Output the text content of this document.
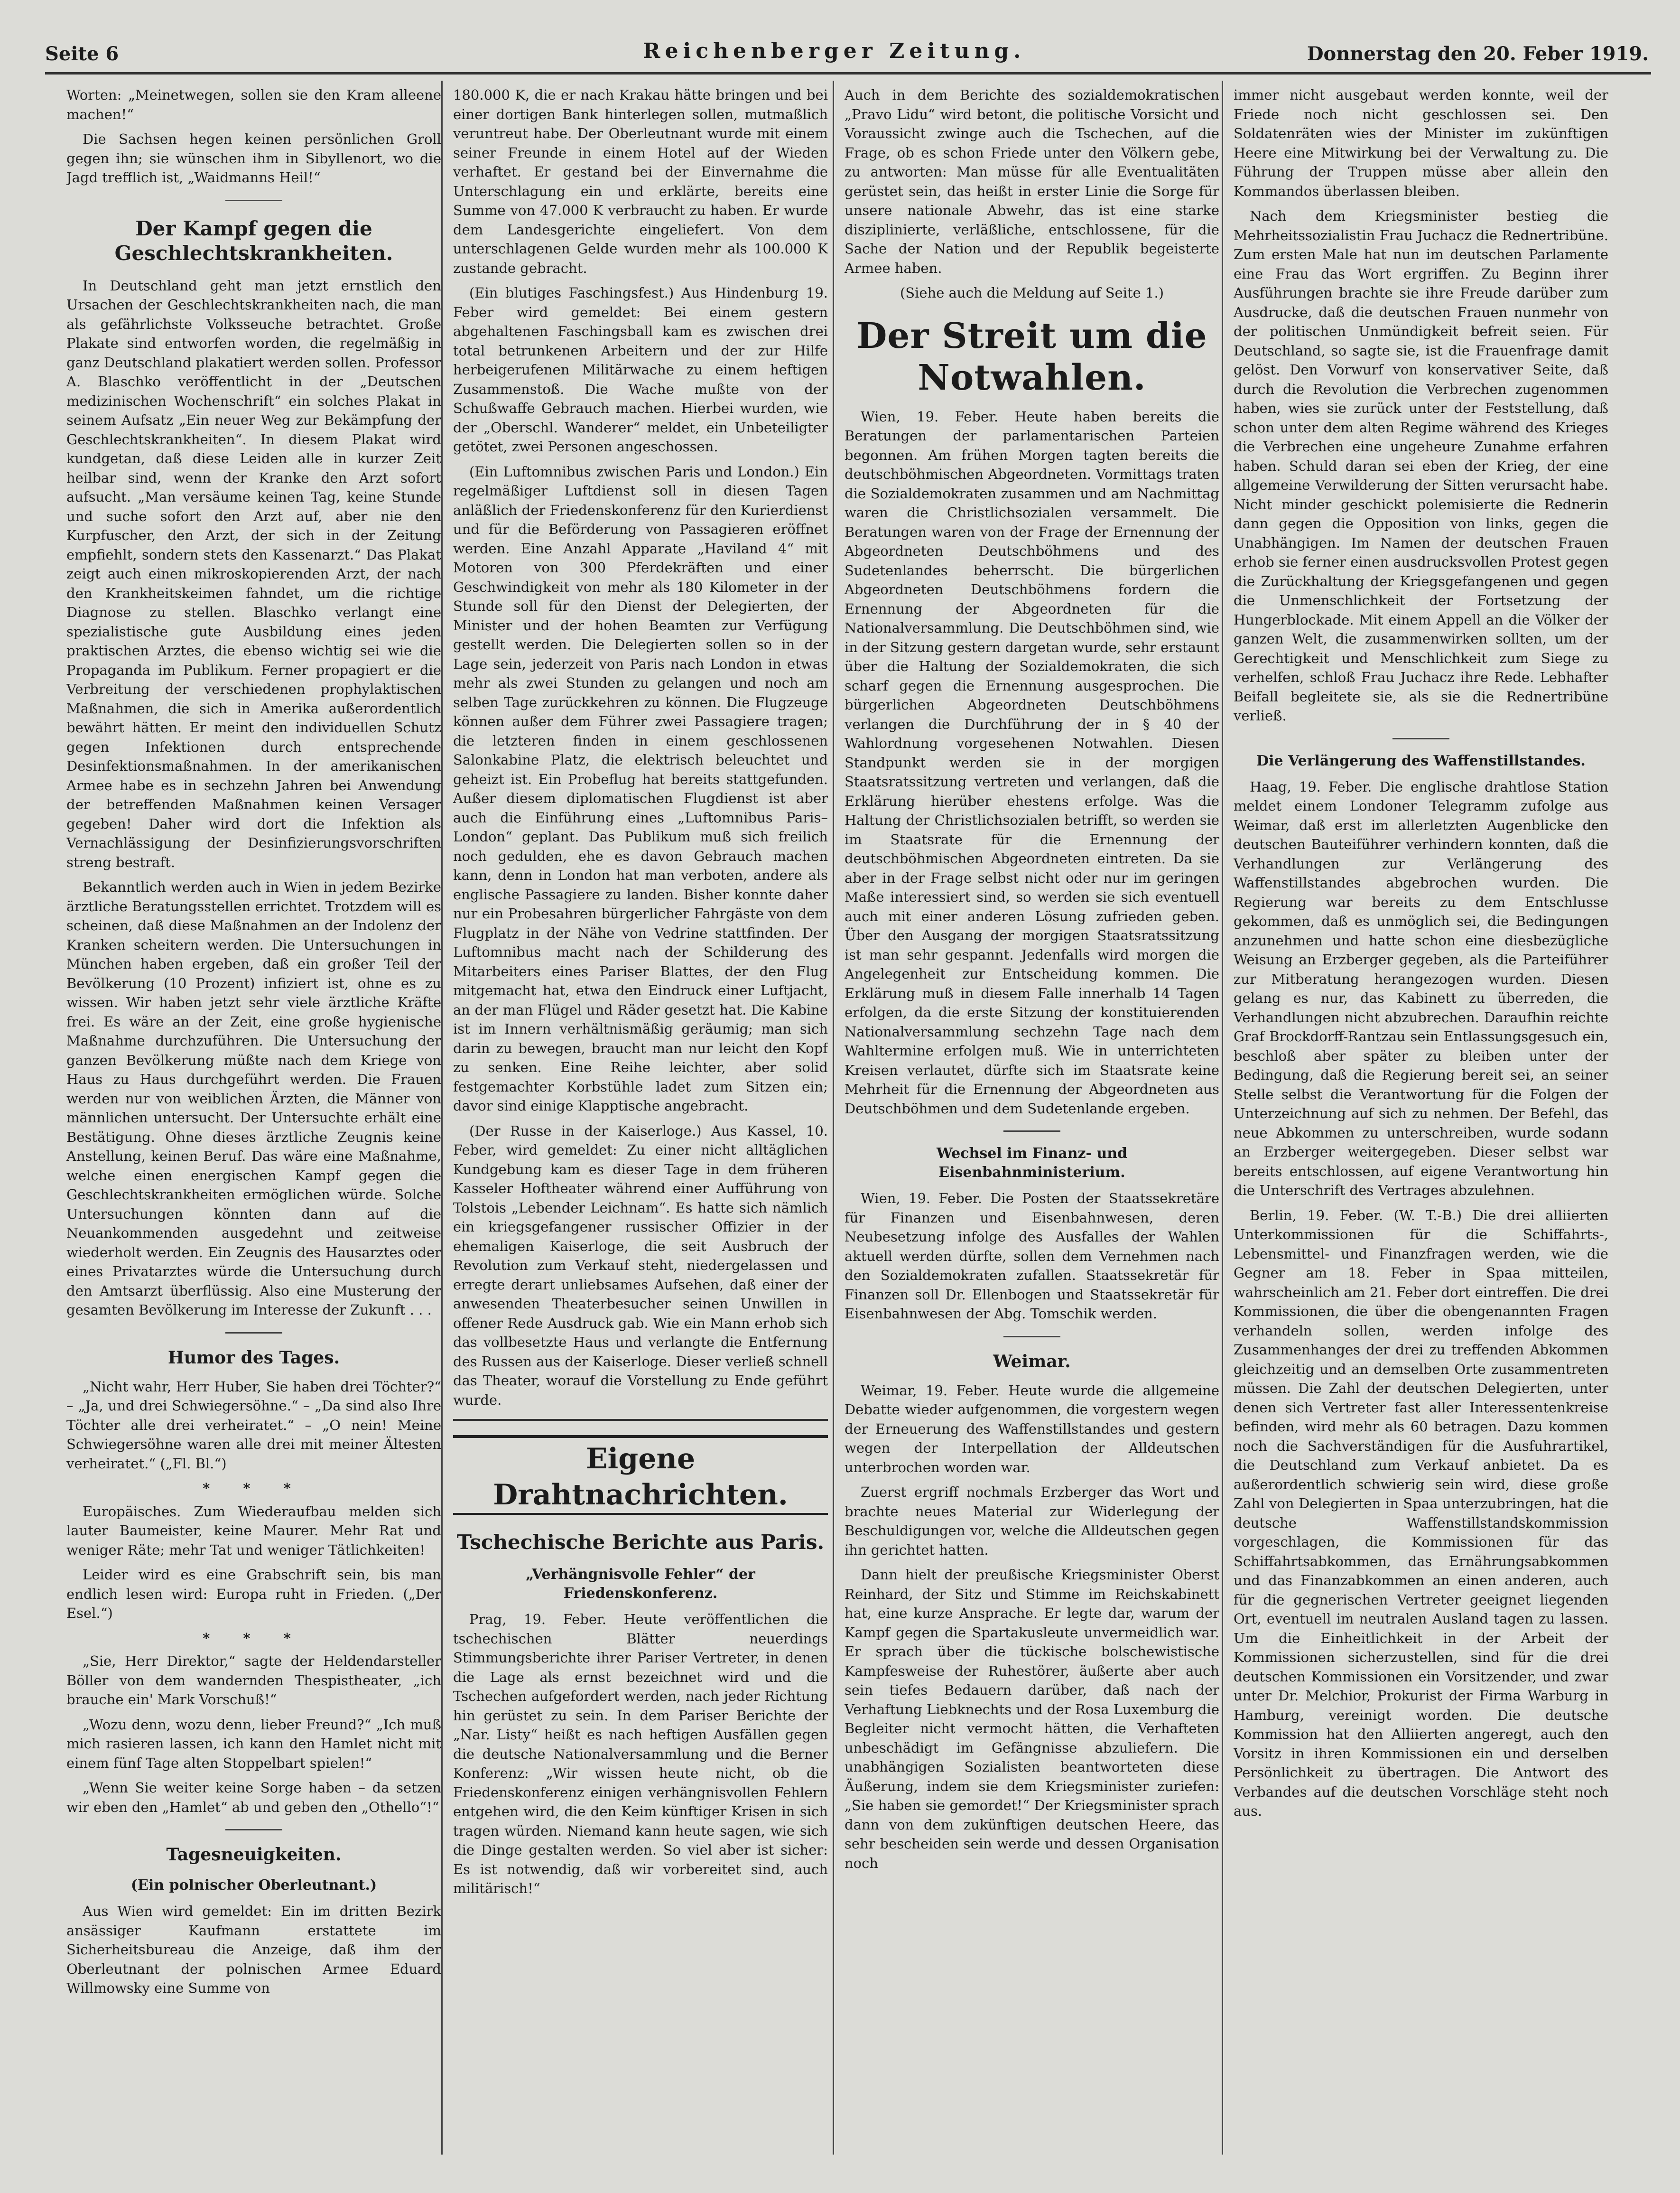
Seite 6	Reichenberger Zeitung.	Donnerstag den 20. Feber 1919.

Worten: „Meinetwegen, sollen sie den Kram alleene machen!“

Die Sachsen hegen keinen persönlichen Groll gegen ihn; sie wünschen ihm in Sibyllenort, wo die Jagd trefflich ist, „Waidmanns Heil!“

Der Kampf gegen die Geschlechtskrankheiten.

In Deutschland geht man jetzt ernstlich den Ursachen der Geschlechtskrankheiten nach, die man als gefährlichste Volksseuche betrachtet. Große Plakate sind entworfen worden, die regelmäßig in ganz Deutschland plakatiert werden sollen. Professor A. Blaschko veröffentlicht in der „Deutschen medizinischen Wochenschrift“ ein solches Plakat in seinem Aufsatz „Ein neuer Weg zur Bekämpfung der Geschlechtskrankheiten“. In diesem Plakat wird kundgetan, daß diese Leiden alle in kurzer Zeit heilbar sind, wenn der Kranke den Arzt sofort aufsucht. „Man versäume keinen Tag, keine Stunde und suche sofort den Arzt auf, aber nie den Kurpfuscher, den Arzt, der sich in der Zeitung empfiehlt, sondern stets den Kassenarzt.“ Das Plakat zeigt auch einen mikroskopierenden Arzt, der nach den Krankheitskeimen fahndet, um die richtige Diagnose zu stellen. Blaschko verlangt eine spezialistische gute Ausbildung eines jeden praktischen Arztes, die ebenso wichtig sei wie die Propaganda im Publikum. Ferner propagiert er die Verbreitung der verschiedenen prophylaktischen Maßnahmen, die sich in Amerika außerordentlich bewährt hätten. Er meint den individuellen Schutz gegen Infektionen durch entsprechende Desinfektionsmaßnahmen. In der amerikanischen Armee habe es in sechzehn Jahren bei Anwendung der betreffenden Maßnahmen keinen Versager gegeben! Daher wird dort die Infektion als Vernachlässigung der Desinfizierungsvorschriften streng bestraft.

Bekanntlich werden auch in Wien in jedem Bezirke ärztliche Beratungsstellen errichtet. Trotzdem will es scheinen, daß diese Maßnahmen an der Indolenz der Kranken scheitern werden. Die Untersuchungen in München haben ergeben, daß ein großer Teil der Bevölkerung (10 Prozent) infiziert ist, ohne es zu wissen. Wir haben jetzt sehr viele ärztliche Kräfte frei. Es wäre an der Zeit, eine große hygienische Maßnahme durchzuführen. Die Untersuchung der ganzen Bevölkerung müßte nach dem Kriege von Haus zu Haus durchgeführt werden. Die Frauen werden nur von weiblichen Ärzten, die Männer von männlichen untersucht. Der Untersuchte erhält eine Bestätigung. Ohne dieses ärztliche Zeugnis keine Anstellung, keinen Beruf. Das wäre eine Maßnahme, welche einen energischen Kampf gegen die Geschlechtskrankheiten ermöglichen würde. Solche Untersuchungen könnten dann auf die Neuankommenden ausgedehnt und zeitweise wiederholt werden. Ein Zeugnis des Hausarztes oder eines Privatarztes würde die Untersuchung durch den Amtsarzt überflüssig. Also eine Musterung der gesamten Bevölkerung im Interesse der Zukunft . . .

Humor des Tages.

„Nicht wahr, Herr Huber, Sie haben drei Töchter?“ – „Ja, und drei Schwiegersöhne.“ – „Da sind also Ihre Töchter alle drei verheiratet.“ – „O nein! Meine Schwiegersöhne waren alle drei mit meiner Ältesten verheiratet.“ („Fl. Bl.“)

* * *

Europäisches. Zum Wiederaufbau melden sich lauter Baumeister, keine Maurer. Mehr Rat und weniger Räte; mehr Tat und weniger Tätlichkeiten!

Leider wird es eine Grabschrift sein, bis man endlich lesen wird: Europa ruht in Frieden. („Der Esel.“)

* * *

„Sie, Herr Direktor,“ sagte der Heldendarsteller Böller von dem wandernden Thespistheater, „ich brauche ein' Mark Vorschuß!“

„Wozu denn, wozu denn, lieber Freund?“ „Ich muß mich rasieren lassen, ich kann den Hamlet nicht mit einem fünf Tage alten Stoppelbart spielen!“

„Wenn Sie weiter keine Sorge haben – da setzen wir eben den „Hamlet“ ab und geben den „Othello“!“

Tagesneuigkeiten.
(Ein polnischer Oberleutnant.)

Aus Wien wird gemeldet: Ein im dritten Bezirk ansässiger Kaufmann erstattete im Sicherheitsbureau die Anzeige, daß ihm der Oberleutnant der polnischen Armee Eduard Willmowsky eine Summe von

180.000 K, die er nach Krakau hätte bringen und bei einer dortigen Bank hinterlegen sollen, mutmaßlich veruntreut habe. Der Oberleutnant wurde mit einem seiner Freunde in einem Hotel auf der Wieden verhaftet. Er gestand bei der Einvernahme die Unterschlagung ein und erklärte, bereits eine Summe von 47.000 K verbraucht zu haben. Er wurde dem Landesgerichte eingeliefert. Von dem unterschlagenen Gelde wurden mehr als 100.000 K zustande gebracht.

(Ein blutiges Faschingsfest.) Aus Hindenburg 19. Feber wird gemeldet: Bei einem gestern abgehaltenen Faschingsball kam es zwischen drei total betrunkenen Arbeitern und der zur Hilfe herbeigerufenen Militärwache zu einem heftigen Zusammenstoß. Die Wache mußte von der Schußwaffe Gebrauch machen. Hierbei wurden, wie der „Oberschl. Wanderer“ meldet, ein Unbeteiligter getötet, zwei Personen angeschossen.

(Ein Luftomnibus zwischen Paris und London.) Ein regelmäßiger Luftdienst soll in diesen Tagen anläßlich der Friedenskonferenz für den Kurierdienst und für die Beförderung von Passagieren eröffnet werden. Eine Anzahl Apparate „Haviland 4“ mit Motoren von 300 Pferdekräften und einer Geschwindigkeit von mehr als 180 Kilometer in der Stunde soll für den Dienst der Delegierten, der Minister und der hohen Beamten zur Verfügung gestellt werden. Die Delegierten sollen so in der Lage sein, jederzeit von Paris nach London in etwas mehr als zwei Stunden zu gelangen und noch am selben Tage zurückkehren zu können. Die Flugzeuge können außer dem Führer zwei Passagiere tragen; die letzteren finden in einem geschlossenen Salonkabine Platz, die elektrisch beleuchtet und geheizt ist. Ein Probeflug hat bereits stattgefunden. Außer diesem diplomatischen Flugdienst ist aber auch die Einführung eines „Luftomnibus Paris–London“ geplant. Das Publikum muß sich freilich noch gedulden, ehe es davon Gebrauch machen kann, denn in London hat man verboten, andere als englische Passagiere zu landen. Bisher konnte daher nur ein Probesahren bürgerlicher Fahrgäste von dem Flugplatz in der Nähe von Vedrine stattfinden. Der Luftomnibus macht nach der Schilderung des Mitarbeiters eines Pariser Blattes, der den Flug mitgemacht hat, etwa den Eindruck einer Luftjacht, an der man Flügel und Räder gesetzt hat. Die Kabine ist im Innern verhältnismäßig geräumig; man sich darin zu bewegen, braucht man nur leicht den Kopf zu senken. Eine Reihe leichter, aber solid festgemachter Korbstühle ladet zum Sitzen ein; davor sind einige Klapptische angebracht.

(Der Russe in der Kaiserloge.) Aus Kassel, 10. Feber, wird gemeldet: Zu einer nicht alltäglichen Kundgebung kam es dieser Tage in dem früheren Kasseler Hoftheater während einer Aufführung von Tolstois „Lebender Leichnam“. Es hatte sich nämlich ein kriegsgefangener russischer Offizier in der ehemaligen Kaiserloge, die seit Ausbruch der Revolution zum Verkauf steht, niedergelassen und erregte derart unliebsames Aufsehen, daß einer der anwesenden Theaterbesucher seinen Unwillen in offener Rede Ausdruck gab. Wie ein Mann erhob sich das vollbesetzte Haus und verlangte die Entfernung des Russen aus der Kaiserloge. Dieser verließ schnell das Theater, worauf die Vorstellung zu Ende geführt wurde.

Eigene Drahtnachrichten.
Tschechische Berichte aus Paris.
„Verhängnisvolle Fehler“ der Friedenskonferenz.

Prag, 19. Feber. Heute veröffentlichen die tschechischen Blätter neuerdings Stimmungsberichte ihrer Pariser Vertreter, in denen die Lage als ernst bezeichnet wird und die Tschechen aufgefordert werden, nach jeder Richtung hin gerüstet zu sein. In dem Pariser Berichte der „Nar. Listy“ heißt es nach heftigen Ausfällen gegen die deutsche Nationalversammlung und die Berner Konferenz: „Wir wissen heute nicht, ob die Friedenskonferenz einigen verhängnisvollen Fehlern entgehen wird, die den Keim künftiger Krisen in sich tragen würden. Niemand kann heute sagen, wie sich die Dinge gestalten werden. So viel aber ist sicher: Es ist notwendig, daß wir vorbereitet sind, auch militärisch!“

Auch in dem Berichte des sozialdemokratischen „Pravo Lidu“ wird betont, die politische Vorsicht und Voraussicht zwinge auch die Tschechen, auf die Frage, ob es schon Friede unter den Völkern gebe, zu antworten: Man müsse für alle Eventualitäten gerüstet sein, das heißt in erster Linie die Sorge für unsere nationale Abwehr, das ist eine starke disziplinierte, verläßliche, entschlossene, für die Sache der Nation und der Republik begeisterte Armee haben.

(Siehe auch die Meldung auf Seite 1.)
Der Streit um die Notwahlen.

Wien, 19. Feber. Heute haben bereits die Beratungen der parlamentarischen Parteien begonnen. Am frühen Morgen tagten bereits die deutschböhmischen Abgeordneten. Vormittags traten die Sozialdemokraten zusammen und am Nachmittag waren die Christlichsozialen versammelt. Die Beratungen waren von der Frage der Ernennung der Abgeordneten Deutschböhmens und des Sudetenlandes beherrscht. Die bürgerlichen Abgeordneten Deutschböhmens fordern die Ernennung der Abgeordneten für die Nationalversammlung. Die Deutschböhmen sind, wie in der Sitzung gestern dargetan wurde, sehr erstaunt über die Haltung der Sozialdemokraten, die sich scharf gegen die Ernennung ausgesprochen. Die bürgerlichen Abgeordneten Deutschböhmens verlangen die Durchführung der in § 40 der Wahlordnung vorgesehenen Notwahlen. Diesen Standpunkt werden sie in der morgigen Staatsratssitzung vertreten und verlangen, daß die Erklärung hierüber ehestens erfolge. Was die Haltung der Christlichsozialen betrifft, so werden sie im Staatsrate für die Ernennung der deutschböhmischen Abgeordneten eintreten. Da sie aber in der Frage selbst nicht oder nur im geringen Maße interessiert sind, so werden sie sich eventuell auch mit einer anderen Lösung zufrieden geben. Über den Ausgang der morgigen Staatsratssitzung ist man sehr gespannt. Jedenfalls wird morgen die Angelegenheit zur Entscheidung kommen. Die Erklärung muß in diesem Falle innerhalb 14 Tagen erfolgen, da die erste Sitzung der konstituierenden Nationalversammlung sechzehn Tage nach dem Wahltermine erfolgen muß. Wie in unterrichteten Kreisen verlautet, dürfte sich im Staatsrate keine Mehrheit für die Ernennung der Abgeordneten aus Deutschböhmen und dem Sudetenlande ergeben.

Wechsel im Finanz- und Eisenbahnministerium.

Wien, 19. Feber. Die Posten der Staatssekretäre für Finanzen und Eisenbahnwesen, deren Neubesetzung infolge des Ausfalles der Wahlen aktuell werden dürfte, sollen dem Vernehmen nach den Sozialdemokraten zufallen. Staatssekretär für Finanzen soll Dr. Ellenbogen und Staatssekretär für Eisenbahnwesen der Abg. Tomschik werden.

Weimar.

Weimar, 19. Feber. Heute wurde die allgemeine Debatte wieder aufgenommen, die vorgestern wegen der Erneuerung des Waffenstillstandes und gestern wegen der Interpellation der Alldeutschen unterbrochen worden war.

Zuerst ergriff nochmals Erzberger das Wort und brachte neues Material zur Widerlegung der Beschuldigungen vor, welche die Alldeutschen gegen ihn gerichtet hatten.

Dann hielt der preußische Kriegsminister Oberst Reinhard, der Sitz und Stimme im Reichskabinett hat, eine kurze Ansprache. Er legte dar, warum der Kampf gegen die Spartakusleute unvermeidlich war. Er sprach über die tückische bolschewistische Kampfesweise der Ruhestörer, äußerte aber auch sein tiefes Bedauern darüber, daß nach der Verhaftung Liebknechts und der Rosa Luxemburg die Begleiter nicht vermocht hätten, die Verhafteten unbeschädigt im Gefängnisse abzuliefern. Die unabhängigen Sozialisten beantworteten diese Äußerung, indem sie dem Kriegsminister zuriefen: „Sie haben sie gemordet!“ Der Kriegsminister sprach dann von dem zukünftigen deutschen Heere, das sehr bescheiden sein werde und dessen Organisation noch

immer nicht ausgebaut werden konnte, weil der Friede noch nicht geschlossen sei. Den Soldatenräten wies der Minister im zukünftigen Heere eine Mitwirkung bei der Verwaltung zu. Die Führung der Truppen müsse aber allein den Kommandos überlassen bleiben.

Nach dem Kriegsminister bestieg die Mehrheitssozialistin Frau Juchacz die Rednertribüne. Zum ersten Male hat nun im deutschen Parlamente eine Frau das Wort ergriffen. Zu Beginn ihrer Ausführungen brachte sie ihre Freude darüber zum Ausdrucke, daß die deutschen Frauen nunmehr von der politischen Unmündigkeit befreit seien. Für Deutschland, so sagte sie, ist die Frauenfrage damit gelöst. Den Vorwurf von konservativer Seite, daß durch die Revolution die Verbrechen zugenommen haben, wies sie zurück unter der Feststellung, daß schon unter dem alten Regime während des Krieges die Verbrechen eine ungeheure Zunahme erfahren haben. Schuld daran sei eben der Krieg, der eine allgemeine Verwilderung der Sitten verursacht habe. Nicht minder geschickt polemisierte die Rednerin dann gegen die Opposition von links, gegen die Unabhängigen. Im Namen der deutschen Frauen erhob sie ferner einen ausdrucksvollen Protest gegen die Zurückhaltung der Kriegsgefangenen und gegen die Unmenschlichkeit der Fortsetzung der Hungerblockade. Mit einem Appell an die Völker der ganzen Welt, die zusammenwirken sollten, um der Gerechtigkeit und Menschlichkeit zum Siege zu verhelfen, schloß Frau Juchacz ihre Rede. Lebhafter Beifall begleitete sie, als sie die Rednertribüne verließ.

Die Verlängerung des Waffenstillstandes.

Haag, 19. Feber. Die englische drahtlose Station meldet einem Londoner Telegramm zufolge aus Weimar, daß erst im allerletzten Augenblicke den deutschen Bauteiführer verhindern konnten, daß die Verhandlungen zur Verlängerung des Waffenstillstandes abgebrochen wurden. Die Regierung war bereits zu dem Entschlusse gekommen, daß es unmöglich sei, die Bedingungen anzunehmen und hatte schon eine diesbezügliche Weisung an Erzberger gegeben, als die Parteiführer zur Mitberatung herangezogen wurden. Diesen gelang es nur, das Kabinett zu überreden, die Verhandlungen nicht abzubrechen. Daraufhin reichte Graf Brockdorff-Rantzau sein Entlassungsgesuch ein, beschloß aber später zu bleiben unter der Bedingung, daß die Regierung bereit sei, an seiner Stelle selbst die Verantwortung für die Folgen der Unterzeichnung auf sich zu nehmen. Der Befehl, das neue Abkommen zu unterschreiben, wurde sodann an Erzberger weitergegeben. Dieser selbst war bereits entschlossen, auf eigene Verantwortung hin die Unterschrift des Vertrages abzulehnen.

Berlin, 19. Feber. (W. T.-B.) Die drei alliierten Unterkommissionen für die Schiffahrts-, Lebensmittel- und Finanzfragen werden, wie die Gegner am 18. Feber in Spaa mitteilen, wahrscheinlich am 21. Feber dort eintreffen. Die drei Kommissionen, die über die obengenannten Fragen verhandeln sollen, werden infolge des Zusammenhanges der drei zu treffenden Abkommen gleichzeitig und an demselben Orte zusammentreten müssen. Die Zahl der deutschen Delegierten, unter denen sich Vertreter fast aller Interessentenkreise befinden, wird mehr als 60 betragen. Dazu kommen noch die Sachverständigen für die Ausfuhrartikel, die Deutschland zum Verkauf anbietet. Da es außerordentlich schwierig sein wird, diese große Zahl von Delegierten in Spaa unterzubringen, hat die deutsche Waffenstillstandskommission vorgeschlagen, die Kommissionen für das Schiffahrtsabkommen, das Ernährungsabkommen und das Finanzabkommen an einen anderen, auch für die gegnerischen Vertreter geeignet liegenden Ort, eventuell im neutralen Ausland tagen zu lassen. Um die Einheitlichkeit in der Arbeit der Kommissionen sicherzustellen, sind für die drei deutschen Kommissionen ein Vorsitzender, und zwar unter Dr. Melchior, Prokurist der Firma Warburg in Hamburg, vereinigt worden. Die deutsche Kommission hat den Alliierten angeregt, auch den Vorsitz in ihren Kommissionen ein und derselben Persönlichkeit zu übertragen. Die Antwort des Verbandes auf die deutschen Vorschläge steht noch aus.
